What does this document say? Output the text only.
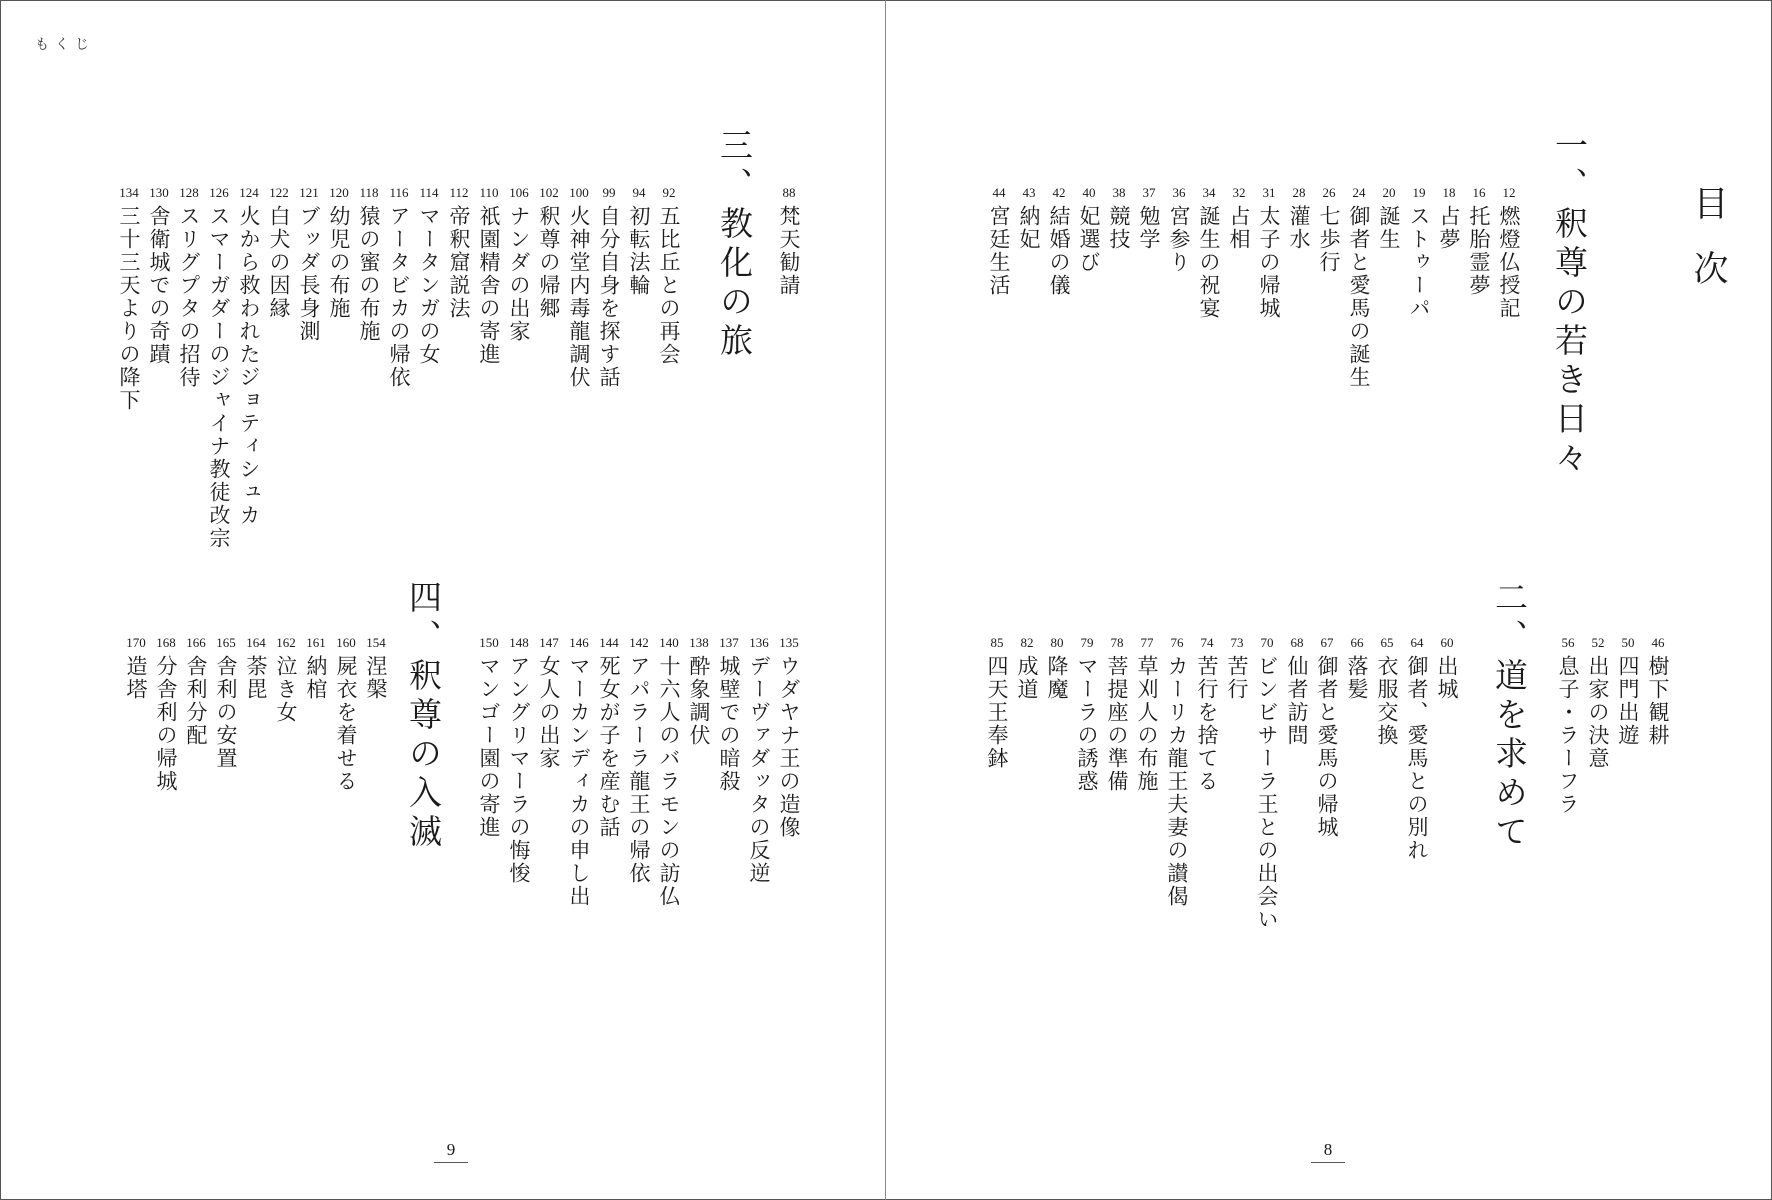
もくじ
三、教化の旅
四、釈尊の入滅
88
梵天勧請
92
五比丘との再会
94
初転法輪
99
自分自身を探す話
100
火神堂内毒龍調伏
102
釈尊の帰郷
106
ナンダの出家
110
祇園精舎の寄進
112
帝釈窟説法
114
マータンガの女
116
アータビカの帰依
118
猿の蜜の布施
120
幼児の布施
121
ブッダ長身測
122
白犬の因縁
124
火から救われたジョティシュカ
126
スマーガダーのジャイナ教徒改宗
128
スリグプタの招待
130
舎衛城での奇蹟
134
三十三天よりの降下
135
ウダヤナ王の造像
136
デーヴァダッタの反逆
137
城壁での暗殺
138
酔象調伏
140
十六人のバラモンの訪仏
142
アパラーラ龍王の帰依
144
死女が子を産む話
146
マーカンディカの申し出
147
女人の出家
148
アングリマーラの悔悛
150
マンゴー園の寄進
154
涅槃
160
屍衣を着せる
161
納棺
162
泣き女
164
荼毘
165
舎利の安置
166
舎利分配
168
分舎利の帰城
170
造塔
9
目次
一、釈尊の若き日々
二、道を求めて
12
燃燈仏授記
16
托胎霊夢
18
占夢
19
ストゥーパ
20
誕生
24
御者と愛馬の誕生
26
七歩行
28
灌水
31
太子の帰城
32
占相
34
誕生の祝宴
36
宮参り
37
勉学
38
競技
40
妃選び
42
結婚の儀
43
納妃
44
宮廷生活
46
樹下観耕
50
四門出遊
52
出家の決意
56
息子・ラーフラ
60
出城
64
御者、愛馬との別れ
65
衣服交換
66
落髪
67
御者と愛馬の帰城
68
仙者訪問
70
ビンビサーラ王との出会い
73
苦行
74
苦行を捨てる
76
カーリカ龍王夫妻の讃偈
77
草刈人の布施
78
菩提座の準備
79
マーラの誘惑
80
降魔
82
成道
85
四天王奉鉢
8
